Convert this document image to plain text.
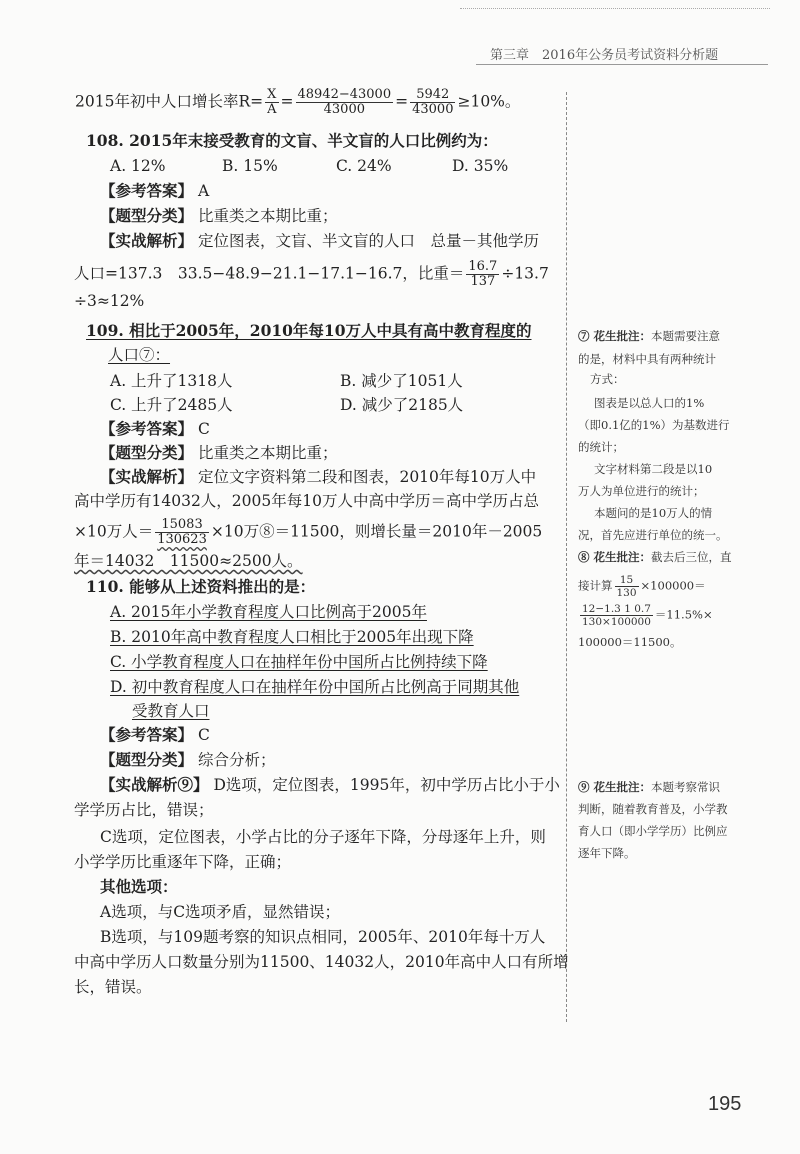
第三章　2016年公务员考试资料分析题
2015年初中人口增长率$R= \frac{X}{A} = \frac{48942-43000}{43000} = \frac{5942}{43000} \ge 10\%$。
108. 2015年末接受教育的文盲、半文盲的人口比例约为：
A. 12%	B. 15%	C. 24%	D. 35%
【参考答案】 A
【题型分类】 比重类之本期比重；
【实战解析】 定位图表，文盲、半文盲的人口　总量－其他学历
人口=137.3　33.5−48.9−21.1−17.1−16.7，比重＝ $\frac{16.7}{137} \div 13.7$
÷3≈12%
109. 相比于2005年，2010年每10万人中具有高中教育程度的
人口⑦：
A. 上升了1318人	B. 减少了1051人
C. 上升了2485人	D. 减少了2185人
【参考答案】 C
【题型分类】 比重类之本期比重；
【实战解析】 定位文字资料第二段和图表，2010年每10万人中
高中学历有14032人，2005年每10万人中高中学历＝高中学历占总
×10万人＝ $\frac{15083}{130623} \times 10$万⑧＝11500，则增长量＝2010年－2005
年＝14032　11500≈2500人。
110. 能够从上述资料推出的是：
A. 2015年小学教育程度人口比例高于2005年
B. 2010年高中教育程度人口相比于2005年出现下降
C. 小学教育程度人口在抽样年份中国所占比例持续下降
D. 初中教育程度人口在抽样年份中国所占比例高于同期其他
受教育人口
【参考答案】 C
【题型分类】 综合分析；
【实战解析⑨】 D选项，定位图表，1995年，初中学历占比小于小
学学历占比，错误；
C选项，定位图表，小学占比的分子逐年下降，分母逐年上升，则
小学学历比重逐年下降，正确；
其他选项：
A选项，与C选项矛盾，显然错误；
B选项，与109题考察的知识点相同，2005年、2010年每十万人
中高中学历人口数量分别为11500、14032人，2010年高中人口有所增
长，错误。
⑦ 花生批注：本题需要注意
的是，材料中具有两种统计
方式：
图表是以总人口的1%
（即0.1亿的1%）为基数进行
的统计；
文字材料第二段是以10
万人为单位进行的统计；
本题问的是10万人的情
况，首先应进行单位的统一。
⑧ 花生批注：截去后三位，直
接计算 $\frac{15}{130} \times 100000=$
$\frac{12-1.3 1 0.7}{130\times 100000} =11.5\%\times$
100000＝11500。
⑨ 花生批注：本题考察常识
判断，随着教育普及，小学教
育人口（即小学学历）比例应
逐年下降。
195
